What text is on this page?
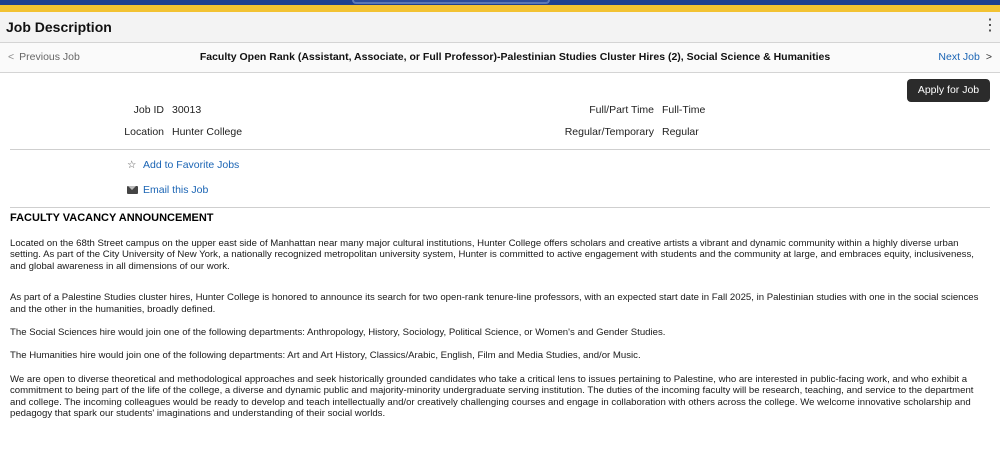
Job Description	⋮
< Previous Job	Faculty Open Rank (Assistant, Associate, or Full Professor)-Palestinian Studies Cluster Hires (2), Social Science & Humanities	Next Job >
Apply for Job
Job ID 30013
Location Hunter College
Full/Part Time Full-Time
Regular/Temporary Regular
☆ Add to Favorite Jobs
Email this Job
FACULTY VACANCY ANNOUNCEMENT

Located on the 68th Street campus on the upper east side of Manhattan near many major cultural institutions, Hunter College offers scholars and creative artists a vibrant and dynamic community within a highly diverse urban setting. As part of the City University of New York, a nationally recognized metropolitan university system, Hunter is committed to active engagement with students and the community at large, and embraces equity, inclusiveness, and global awareness in all dimensions of our work.

As part of a Palestine Studies cluster hires, Hunter College is honored to announce its search for two open-rank tenure-line professors, with an expected start date in Fall 2025, in Palestinian studies with one in the social sciences and the other in the humanities, broadly defined.

The Social Sciences hire would join one of the following departments: Anthropology, History, Sociology, Political Science, or Women's and Gender Studies.

The Humanities hire would join one of the following departments: Art and Art History, Classics/Arabic, English, Film and Media Studies, and/or Music.

We are open to diverse theoretical and methodological approaches and seek historically grounded candidates who take a critical lens to issues pertaining to Palestine, who are interested in public-facing work, and who exhibit a commitment to being part of the life of the college, a diverse and dynamic public and majority-minority undergraduate serving institution. The duties of the incoming faculty will be research, teaching, and service to the department and college. The incoming colleagues would be ready to develop and teach intellectually and/or creatively challenging courses and engage in collaboration with others across the college. We welcome innovative scholarship and pedagogy that spark our students' imaginations and understanding of their social worlds.
